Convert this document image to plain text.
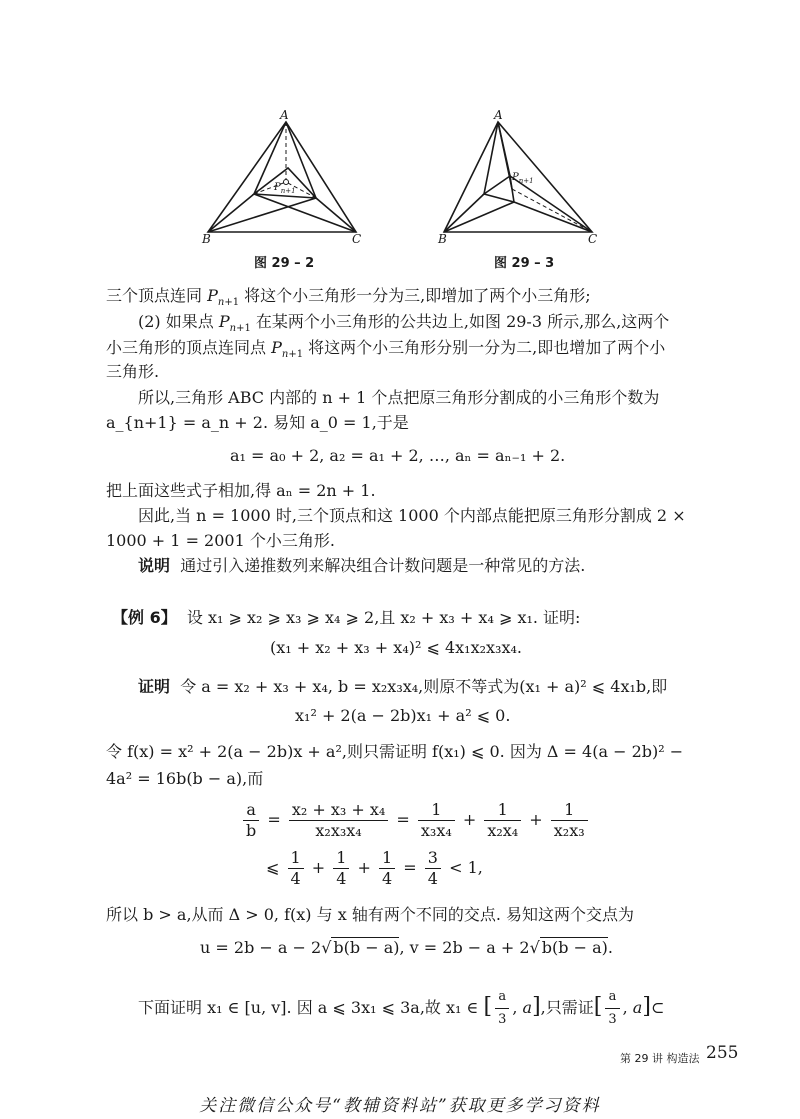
A
B	C
$P_{n+1}$
图 29 – 2
A
B	C
$P_{n+1}$
图 29 – 3
三个顶点连同 $P_{n+1}$ 将这个小三角形一分为三,即增加了两个小三角形;
(2) 如果点 $P_{n+1}$ 在某两个小三角形的公共边上,如图 29-3 所示,那么,这两个
小三角形的顶点连同点 $P_{n+1}$ 将这两个小三角形分别一分为二,即也增加了两个小
三角形.
所以,三角形 ABC 内部的 n + 1 个点把原三角形分割成的小三角形个数为
a_{n+1} = a_n + 2. 易知 a_0 = 1,于是
a₁ = a₀ + 2, a₂ = a₁ + 2, …, aₙ = aₙ₋₁ + 2.
把上面这些式子相加,得 aₙ = 2n + 1.
因此,当 n = 1000 时,三个顶点和这 1000 个内部点能把原三角形分割成 2 ×
1000 + 1 = 2001 个小三角形.
说明 通过引入递推数列来解决组合计数问题是一种常见的方法.
【例 6】 设 x₁ ⩾ x₂ ⩾ x₃ ⩾ x₄ ⩾ 2,且 x₂ + x₃ + x₄ ⩾ x₁. 证明:
(x₁ + x₂ + x₃ + x₄)² ⩽ 4x₁x₂x₃x₄.
证明 令 a = x₂ + x₃ + x₄, b = x₂x₃x₄,则原不等式为(x₁ + a)² ⩽ 4x₁b,即
x₁² + 2(a − 2b)x₁ + a² ⩽ 0.
令 f(x) = x² + 2(a − 2b)x + a²,则只需证明 f(x₁) ⩽ 0. 因为 Δ = 4(a − 2b)² −
4a² = 16b(b − a),而
$\frac{a}{b} = \frac{\text{x₂ + x₃ + x₄}}{\text{x₂x₃x₄}} = \frac{1}{\text{x₃x₄}} + \frac{1}{\text{x₂x₄}} + \frac{1}{\text{x₂x₃}}$
⩽ $\frac{1}{4} + \frac{1}{4} + \frac{1}{4} = \frac{3}{4} < 1$,
所以 b > a,从而 Δ > 0, f(x) 与 x 轴有两个不同的交点. 易知这两个交点为
u = 2b − a − 2√ b(b − a), v = 2b − a + 2√ b(b − a).
下面证明 x₁ ∈ [u, v]. 因 a ⩽ 3x₁ ⩽ 3a,故 x₁ ∈ [ $\frac{a}{3}$ , a],只需证[ $\frac{a}{3}$ , a]⊂
第 29 讲 构造法 255
关注微信公众号“教辅资料站”获取更多学习资料
